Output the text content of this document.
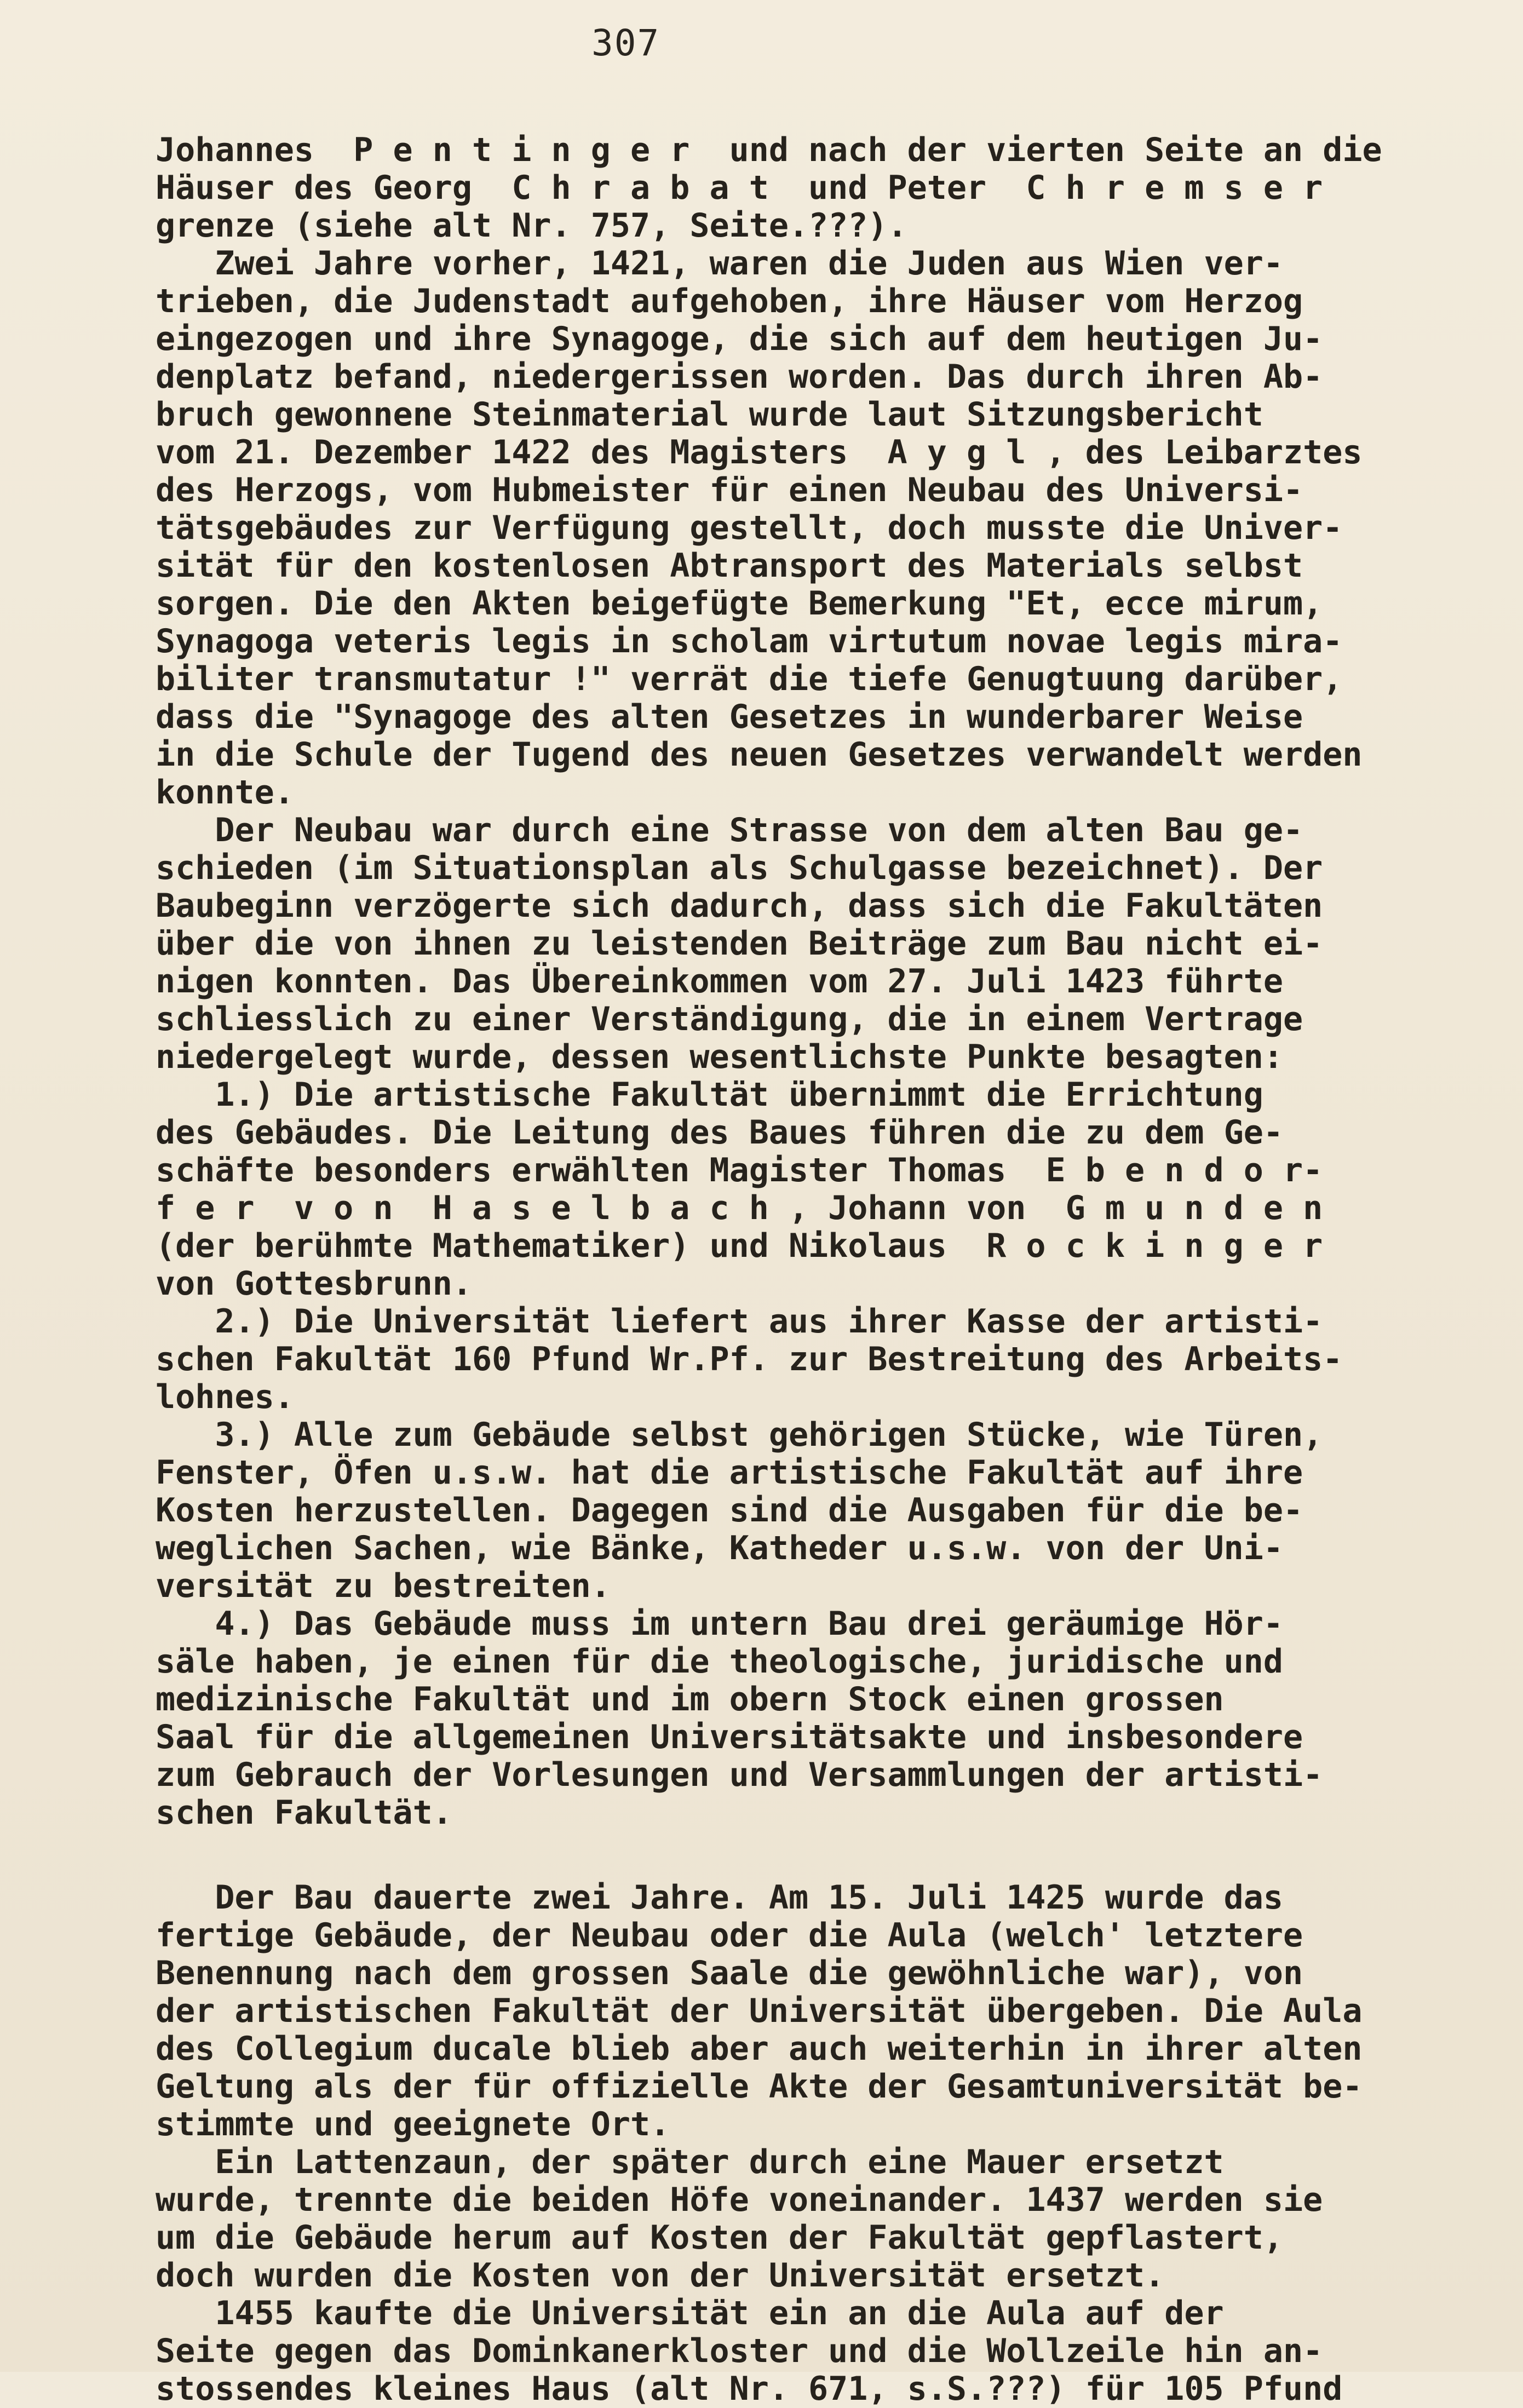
307
Johannes  P e n t i n g e r  und nach der vierten Seite an die
Häuser des Georg  C h r a b a t  und Peter  C h r e m s e r
grenze (siehe alt Nr. 757, Seite.???).
Zwei Jahre vorher, 1421, waren die Juden aus Wien ver-
trieben, die Judenstadt aufgehoben, ihre Häuser vom Herzog
eingezogen und ihre Synagoge, die sich auf dem heutigen Ju-
denplatz befand, niedergerissen worden. Das durch ihren Ab-
bruch gewonnene Steinmaterial wurde laut Sitzungsbericht
vom 21. Dezember 1422 des Magisters  A y g l , des Leibarztes
des Herzogs, vom Hubmeister für einen Neubau des Universi-
tätsgebäudes zur Verfügung gestellt, doch musste die Univer-
sität für den kostenlosen Abtransport des Materials selbst
sorgen. Die den Akten beigefügte Bemerkung "Et, ecce mirum,
Synagoga veteris legis in scholam virtutum novae legis mira-
biliter transmutatur !" verrät die tiefe Genugtuung darüber,
dass die "Synagoge des alten Gesetzes in wunderbarer Weise
in die Schule der Tugend des neuen Gesetzes verwandelt werden
konnte.
Der Neubau war durch eine Strasse von dem alten Bau ge-
schieden (im Situationsplan als Schulgasse bezeichnet). Der
Baubeginn verzögerte sich dadurch, dass sich die Fakultäten
über die von ihnen zu leistenden Beiträge zum Bau nicht ei-
nigen konnten. Das Übereinkommen vom 27. Juli 1423 führte
schliesslich zu einer Verständigung, die in einem Vertrage
niedergelegt wurde, dessen wesentlichste Punkte besagten:
1.) Die artistische Fakultät übernimmt die Errichtung
des Gebäudes. Die Leitung des Baues führen die zu dem Ge-
schäfte besonders erwählten Magister Thomas  E b e n d o r-
f e r  v o n  H a s e l b a c h , Johann von  G m u n d e n
(der berühmte Mathematiker) und Nikolaus  R o c k i n g e r
von Gottesbrunn.
2.) Die Universität liefert aus ihrer Kasse der artisti-
schen Fakultät 160 Pfund Wr.Pf. zur Bestreitung des Arbeits-
lohnes.
3.) Alle zum Gebäude selbst gehörigen Stücke, wie Türen,
Fenster, Öfen u.s.w. hat die artistische Fakultät auf ihre
Kosten herzustellen. Dagegen sind die Ausgaben für die be-
weglichen Sachen, wie Bänke, Katheder u.s.w. von der Uni-
versität zu bestreiten.
4.) Das Gebäude muss im untern Bau drei geräumige Hör-
säle haben, je einen für die theologische, juridische und
medizinische Fakultät und im obern Stock einen grossen
Saal für die allgemeinen Universitätsakte und insbesondere
zum Gebrauch der Vorlesungen und Versammlungen der artisti-
schen Fakultät.
Der Bau dauerte zwei Jahre. Am 15. Juli 1425 wurde das
fertige Gebäude, der Neubau oder die Aula (welch' letztere
Benennung nach dem grossen Saale die gewöhnliche war), von
der artistischen Fakultät der Universität übergeben. Die Aula
des Collegium ducale blieb aber auch weiterhin in ihrer alten
Geltung als der für offizielle Akte der Gesamtuniversität be-
stimmte und geeignete Ort.
Ein Lattenzaun, der später durch eine Mauer ersetzt
wurde, trennte die beiden Höfe voneinander. 1437 werden sie
um die Gebäude herum auf Kosten der Fakultät gepflastert,
doch wurden die Kosten von der Universität ersetzt.
1455 kaufte die Universität ein an die Aula auf der
Seite gegen das Dominkanerkloster und die Wollzeile hin an-
stossendes kleines Haus (alt Nr. 671, s.S.???) für 105 Pfund
